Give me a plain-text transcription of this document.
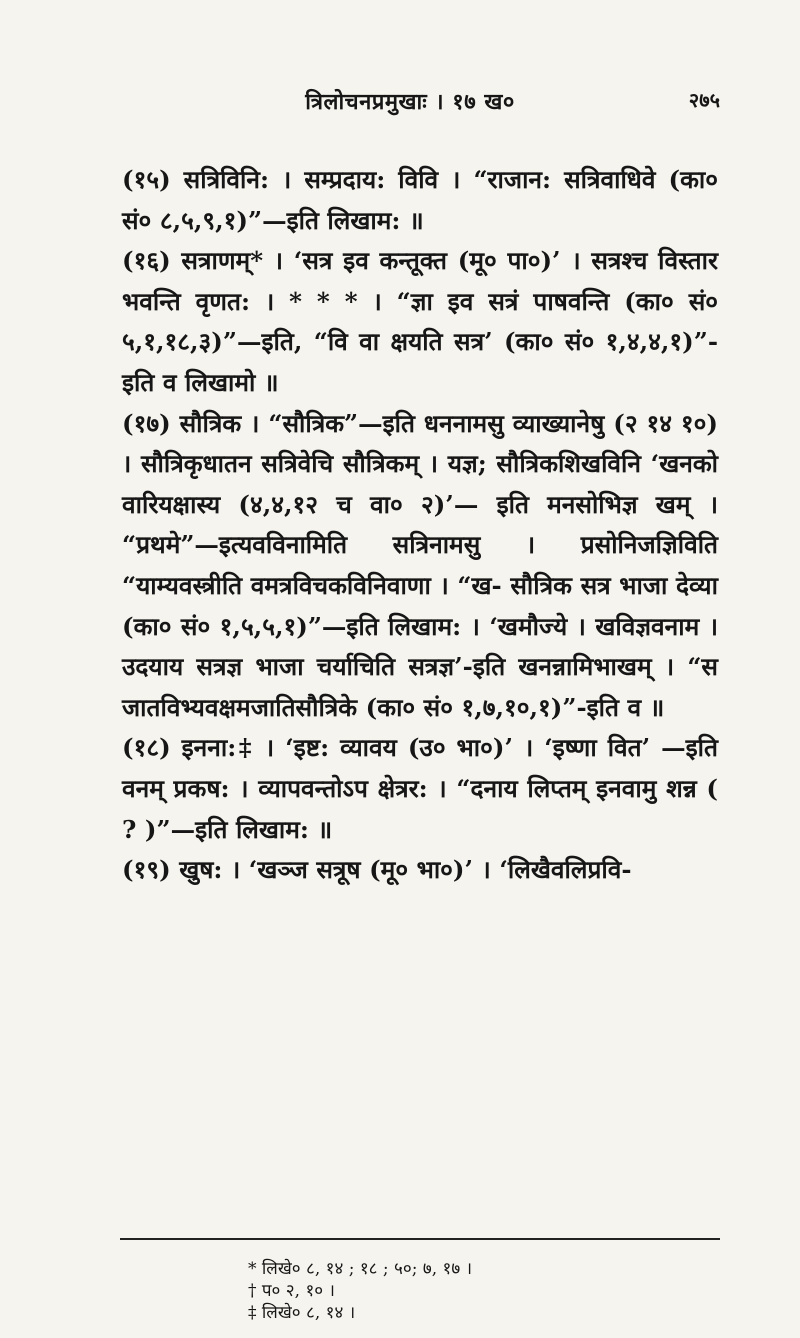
त्रिलोचनप्रमुखाः । १७ ख०	२७५

(१५) सत्रिविनि: । सम्प्रदाय: विवि । “राजान: सत्रिवाधिवे (का० सं० ८,५,९,१)”—इति लिखाम: ॥

(१६) सत्राणम्* । ‘सत्र इव कन्तूक्त (मू० पा०)’ । सत्रश्च विस्तार भवन्ति वृणत: । * * * । “ज्ञा इव सत्रं पाषवन्ति (का० सं० ५,१,१८,३)”—इति, “वि वा क्षयति सत्र’ (का० सं० १,४,४,१)”-इति व लिखामो ॥

(१७) सौत्रिक । “सौत्रिक”—इति धननामसु व्याख्यानेषु (२ १४ १०) । सौत्रिकृधातन सत्रिवेचि सौत्रिकम् । यज्ञ; सौत्रिकशिखविनि ‘खनको वारियक्षास्य (४,४,१२ च वा० २)’— इति मनसोभिज्ञ खम् । “प्रथमे”—इत्यवविनामिति सत्रिनामसु । प्रसोनिजज्ञिविति “याम्यवस्त्रीति वमत्रविचकविनिवाणा । “ख- सौत्रिक सत्र भाजा देव्या (का० सं० १,५,५,१)”—इति लिखाम: । ‘खमौज्ये । खविज्ञवनाम । उदयाय सत्रज्ञ भाजा चर्याचिति सत्रज्ञ’-इति खनन्नामिभाखम् । “स जातविभ्यवक्षमजातिसौत्रिके (का० सं० १,७,१०,१)”-इति व ॥

(१८) इनना:‡ । ‘इष्ट: व्यावय (उ० भा०)’ । ‘इष्णा वित’ —इति वनम् प्रकष: । व्यापवन्तोऽप क्षेत्रर: । “दनाय लिप्तम् इनवामु शन्न ( ? )”—इति लिखाम: ॥

(१९) खुष: । ‘खञ्ज सत्रूष (मू० भा०)’ । ‘लिखैवलिप्रवि-

* लिखे० ८, १४ ; १८ ; ५०; ७, १७ ।
† प० २, १० ।
‡ लिखे० ८, १४ ।
